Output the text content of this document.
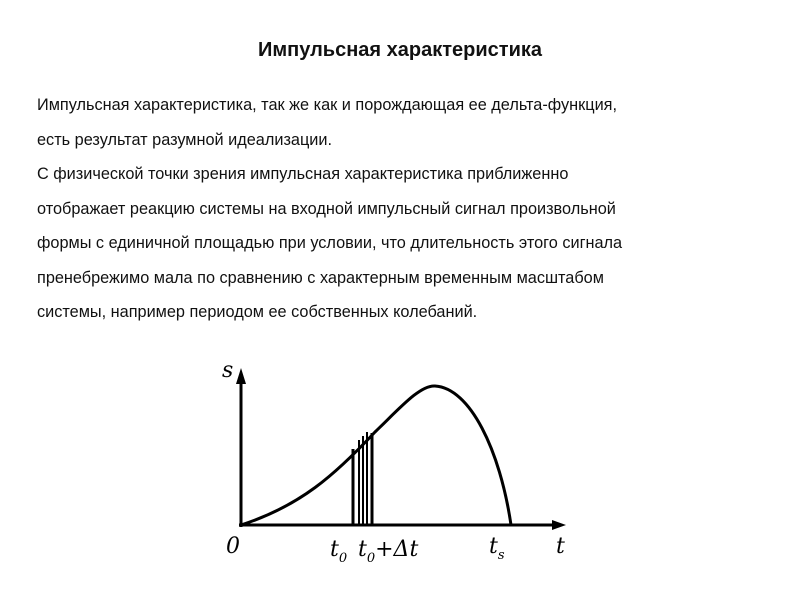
Импульсная характеристика

Импульсная характеристика, так же как и порождающая ее дельта-функция,

есть результат разумной идеализации.

С физической точки зрения импульсная характеристика приближенно

отображает реакцию системы на входной импульсный сигнал произвольной

формы с единичной площадью при условии, что длительность этого сигнала

пренебрежимо мала по сравнению с характерным временным масштабом

системы, например периодом ее собственных колебаний.

s
t
0	$t_0$ $t_0+\Delta t$	$t_s$
